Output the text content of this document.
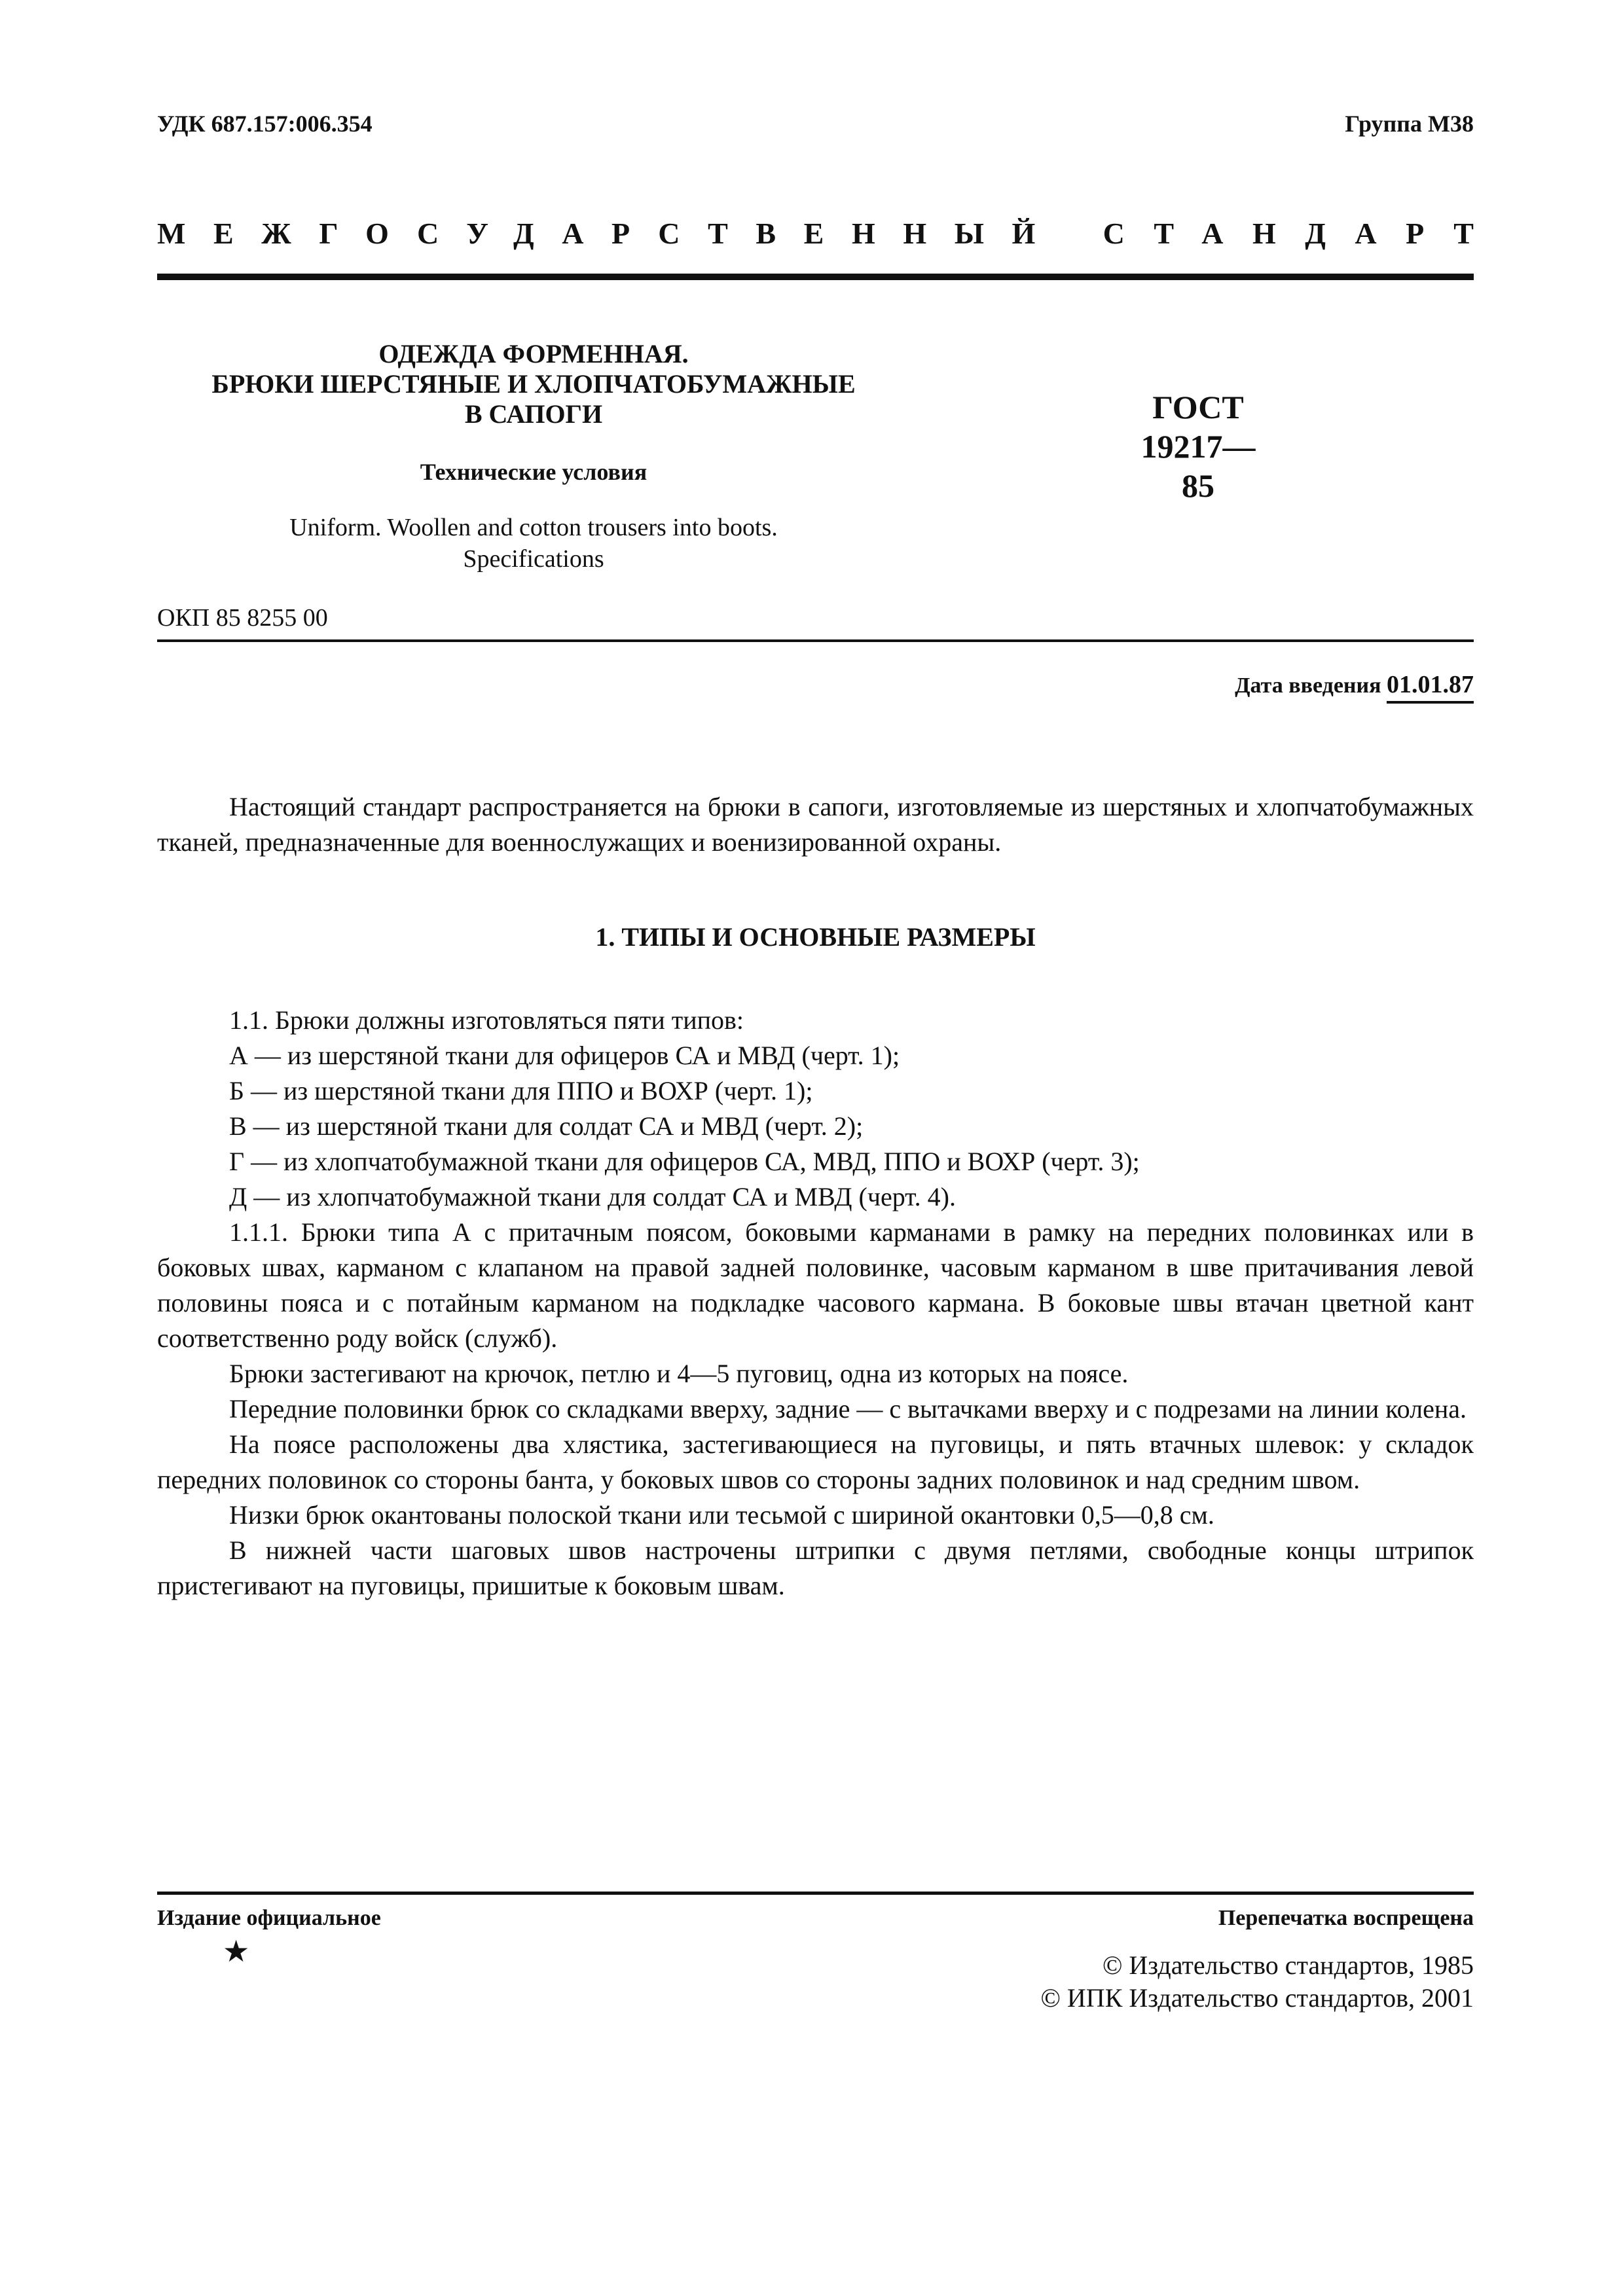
УДК 687.157:006.354	Группа М38
МЕЖГОСУДАРСТВЕННЫЙ СТАНДАРТ
ОДЕЖДА ФОРМЕННАЯ.
БРЮКИ ШЕРСТЯНЫЕ И ХЛОПЧАТОБУМАЖНЫЕ
В САПОГИ
Технические условия
Uniform. Woollen and cotton trousers into boots.
Specifications
ГОСТ
19217—85
ОКП 85 8255 00
Дата введения 01.01.87

Настоящий стандарт распространяется на брюки в сапоги, изготовляемые из шерстяных и хлопчатобумажных тканей, предназначенные для военнослужащих и военизированной охраны.

1. ТИПЫ И ОСНОВНЫЕ РАЗМЕРЫ

1.1. Брюки должны изготовляться пяти типов:

А — из шерстяной ткани для офицеров СА и МВД (черт. 1);

Б — из шерстяной ткани для ППО и ВОХР (черт. 1);

В — из шерстяной ткани для солдат СА и МВД (черт. 2);

Г — из хлопчатобумажной ткани для офицеров СА, МВД, ППО и ВОХР (черт. 3);

Д — из хлопчатобумажной ткани для солдат СА и МВД (черт. 4).

1.1.1. Брюки типа А с притачным поясом, боковыми карманами в рамку на передних половинках или в боковых швах, карманом с клапаном на правой задней половинке, часовым карманом в шве притачивания левой половины пояса и с потайным карманом на подкладке часового кармана. В боковые швы втачан цветной кант соответственно роду войск (служб).

Брюки застегивают на крючок, петлю и 4—5 пуговиц, одна из которых на поясе.

Передние половинки брюк со складками вверху, задние — с вытачками вверху и с подрезами на линии колена.

На поясе расположены два хлястика, застегивающиеся на пуговицы, и пять втачных шлевок: у складок передних половинок со стороны банта, у боковых швов со стороны задних половинок и над средним швом.

Низки брюк окантованы полоской ткани или тесьмой с шириной окантовки 0,5—0,8 см.

В нижней части шаговых швов настрочены штрипки с двумя петлями, свободные концы штрипок пристегивают на пуговицы, пришитые к боковым швам.

Издание официальное
★
Перепечатка воспрещена
© Издательство стандартов, 1985
© ИПК Издательство стандартов, 2001
